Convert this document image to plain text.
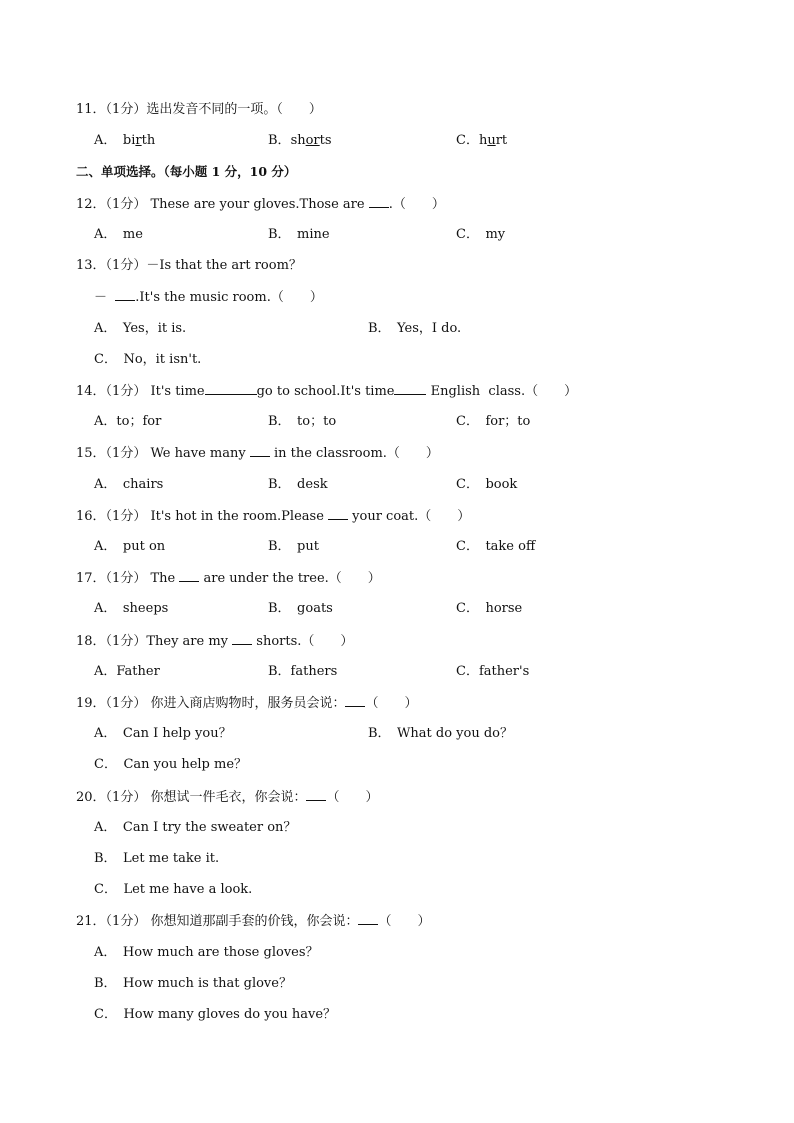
11．（1分）选出发音不同的一项。（　　）
A．　 birth	B．shorts	C．hurt
二、单项选择。（每小题 1 分，10 分）
12．（1分） These are your gloves.Those are .（　　）
A．　me	B．　mine	C．　my
13．（1分）－Is that the art room？
－ .It's the music room.（　　）
A．　Yes，it is.	B．　Yes，I do.
C．　No，it isn't.
14．（1分） It's time	go to school.It's time	English  class.（　　）
A．to；for	B．　to；to	C．　for；to
15．（1分） We have many in the classroom.（　　）
A．　chairs	B．　desk	C．　book
16．（1分） It's hot in the room.Please your coat.（　　）
A．　put on	B．　put	C．　take off
17．（1分） The are under the tree.（　　）
A．　sheeps	B．　goats	C．　horse
18．（1分）They are my shorts.（　　）
A．Father	B．fathers	C．father's
19．（1分） 你进入商店购物时，服务员会说： （　　）
A．　Can I help you？	B．　What do you do？
C．　Can you help me？
20．（1分） 你想试一件毛衣，你会说： （　　）
A．　Can I try the sweater on？
B．　Let me take it.
C．　Let me have a look.
21．（1分） 你想知道那副手套的价钱，你会说： （　　）
A．　How much are those gloves？
B．　How much is that glove？
C．　How many gloves do you have？
